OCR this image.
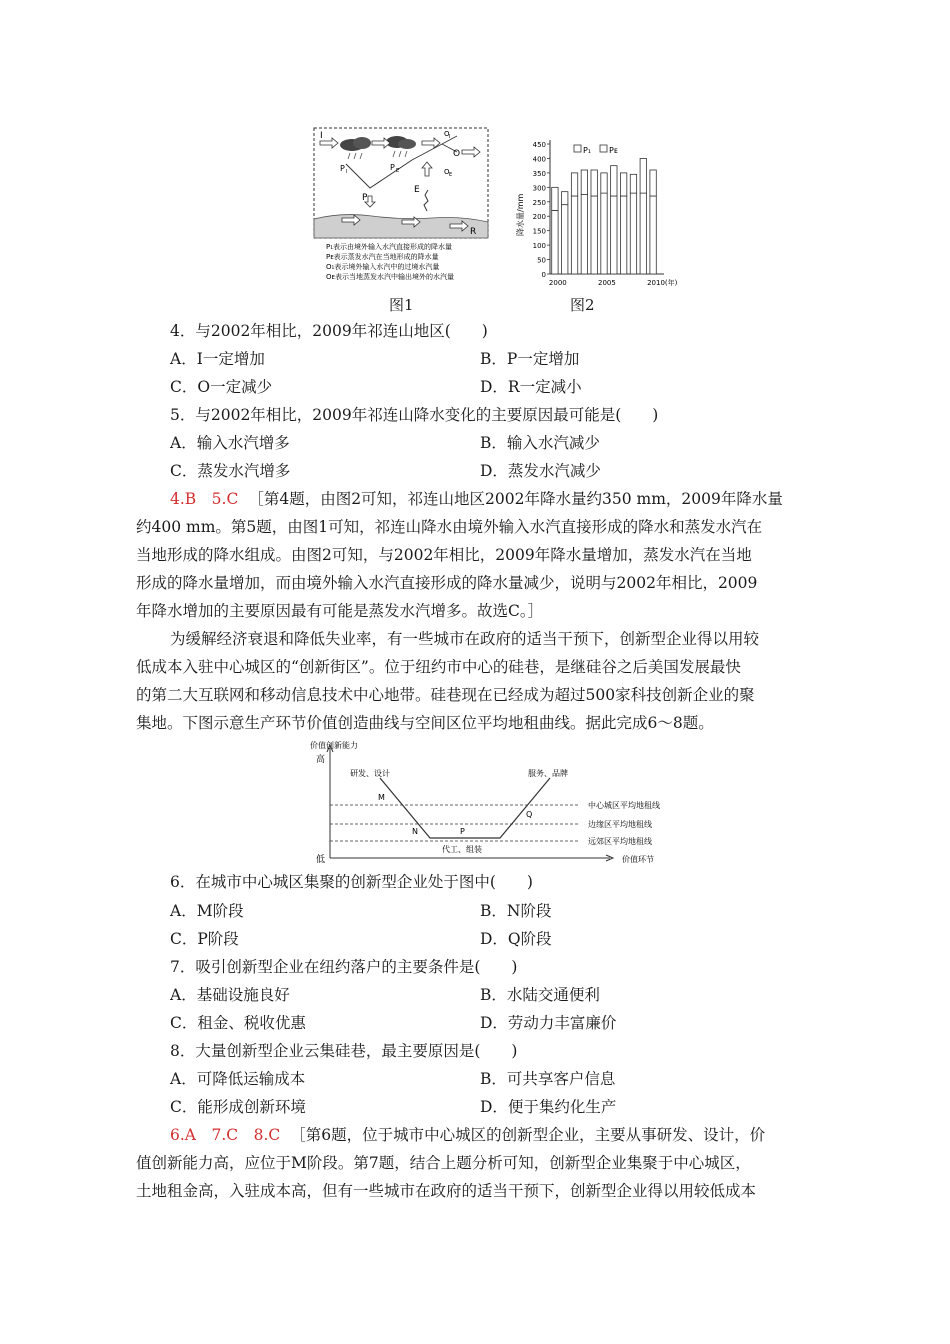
I
P I	P E
P
E
O
O I
O E
R
P₁表示由境外输入水汽直接形成的降水量
Pᴇ表示蒸发水汽在当地形成的降水量
O₁表示境外输入水汽中的过境水汽量
Oᴇ表示当地蒸发水汽中输出境外的水汽量
图1
0
50
100
150
200
250
300
350
400
450
2000	2005	2010(年)
降水量/mm
P₁ Pᴇ
图2
4．与2002年相比，2009年祁连山地区(　　)
A．I一定增加	B．P一定增加
C．O一定减少	D．R一定减小
5．与2002年相比，2009年祁连山降水变化的主要原因最可能是(　　)
A．输入水汽增多	B．输入水汽减少
C．蒸发水汽增多	D．蒸发水汽减少
4.B　5.C ［第4题，由图2可知，祁连山地区2002年降水量约350 mm，2009年降水量
约400 mm。第5题，由图1可知，祁连山降水由境外输入水汽直接形成的降水和蒸发水汽在
当地形成的降水组成。由图2可知，与2002年相比，2009年降水量增加，蒸发水汽在当地
形成的降水量增加，而由境外输入水汽直接形成的降水量减少，说明与2002年相比，2009
年降水增加的主要原因最有可能是蒸发水汽增多。故选C。］
为缓解经济衰退和降低失业率，有一些城市在政府的适当干预下，创新型企业得以用较
低成本入驻中心城区的“创新街区”。位于纽约市中心的硅巷，是继硅谷之后美国发展最快
的第二大互联网和移动信息技术中心地带。硅巷现在已经成为超过500家科技创新企业的聚
集地。下图示意生产环节价值创造曲线与空间区位平均地租曲线。据此完成6～8题。
价值创新能力
高
低	价值环节
研发、设计	服务、品牌
代工、组装
M
N	P
Q
中心城区平均地租线
边缘区平均地租线
远郊区平均地租线
6．在城市中心城区集聚的创新型企业处于图中(　　)
A．M阶段	B．N阶段
C．P阶段	D．Q阶段
7．吸引创新型企业在纽约落户的主要条件是(　　)
A．基础设施良好	B．水陆交通便利
C．租金、税收优惠	D．劳动力丰富廉价
8．大量创新型企业云集硅巷，最主要原因是(　　)
A．可降低运输成本	B．可共享客户信息
C．能形成创新环境	D．便于集约化生产
6.A　7.C　8.C ［第6题，位于城市中心城区的创新型企业，主要从事研发、设计，价
值创新能力高，应位于M阶段。第7题，结合上题分析可知，创新型企业集聚于中心城区，
土地租金高，入驻成本高，但有一些城市在政府的适当干预下，创新型企业得以用较低成本
